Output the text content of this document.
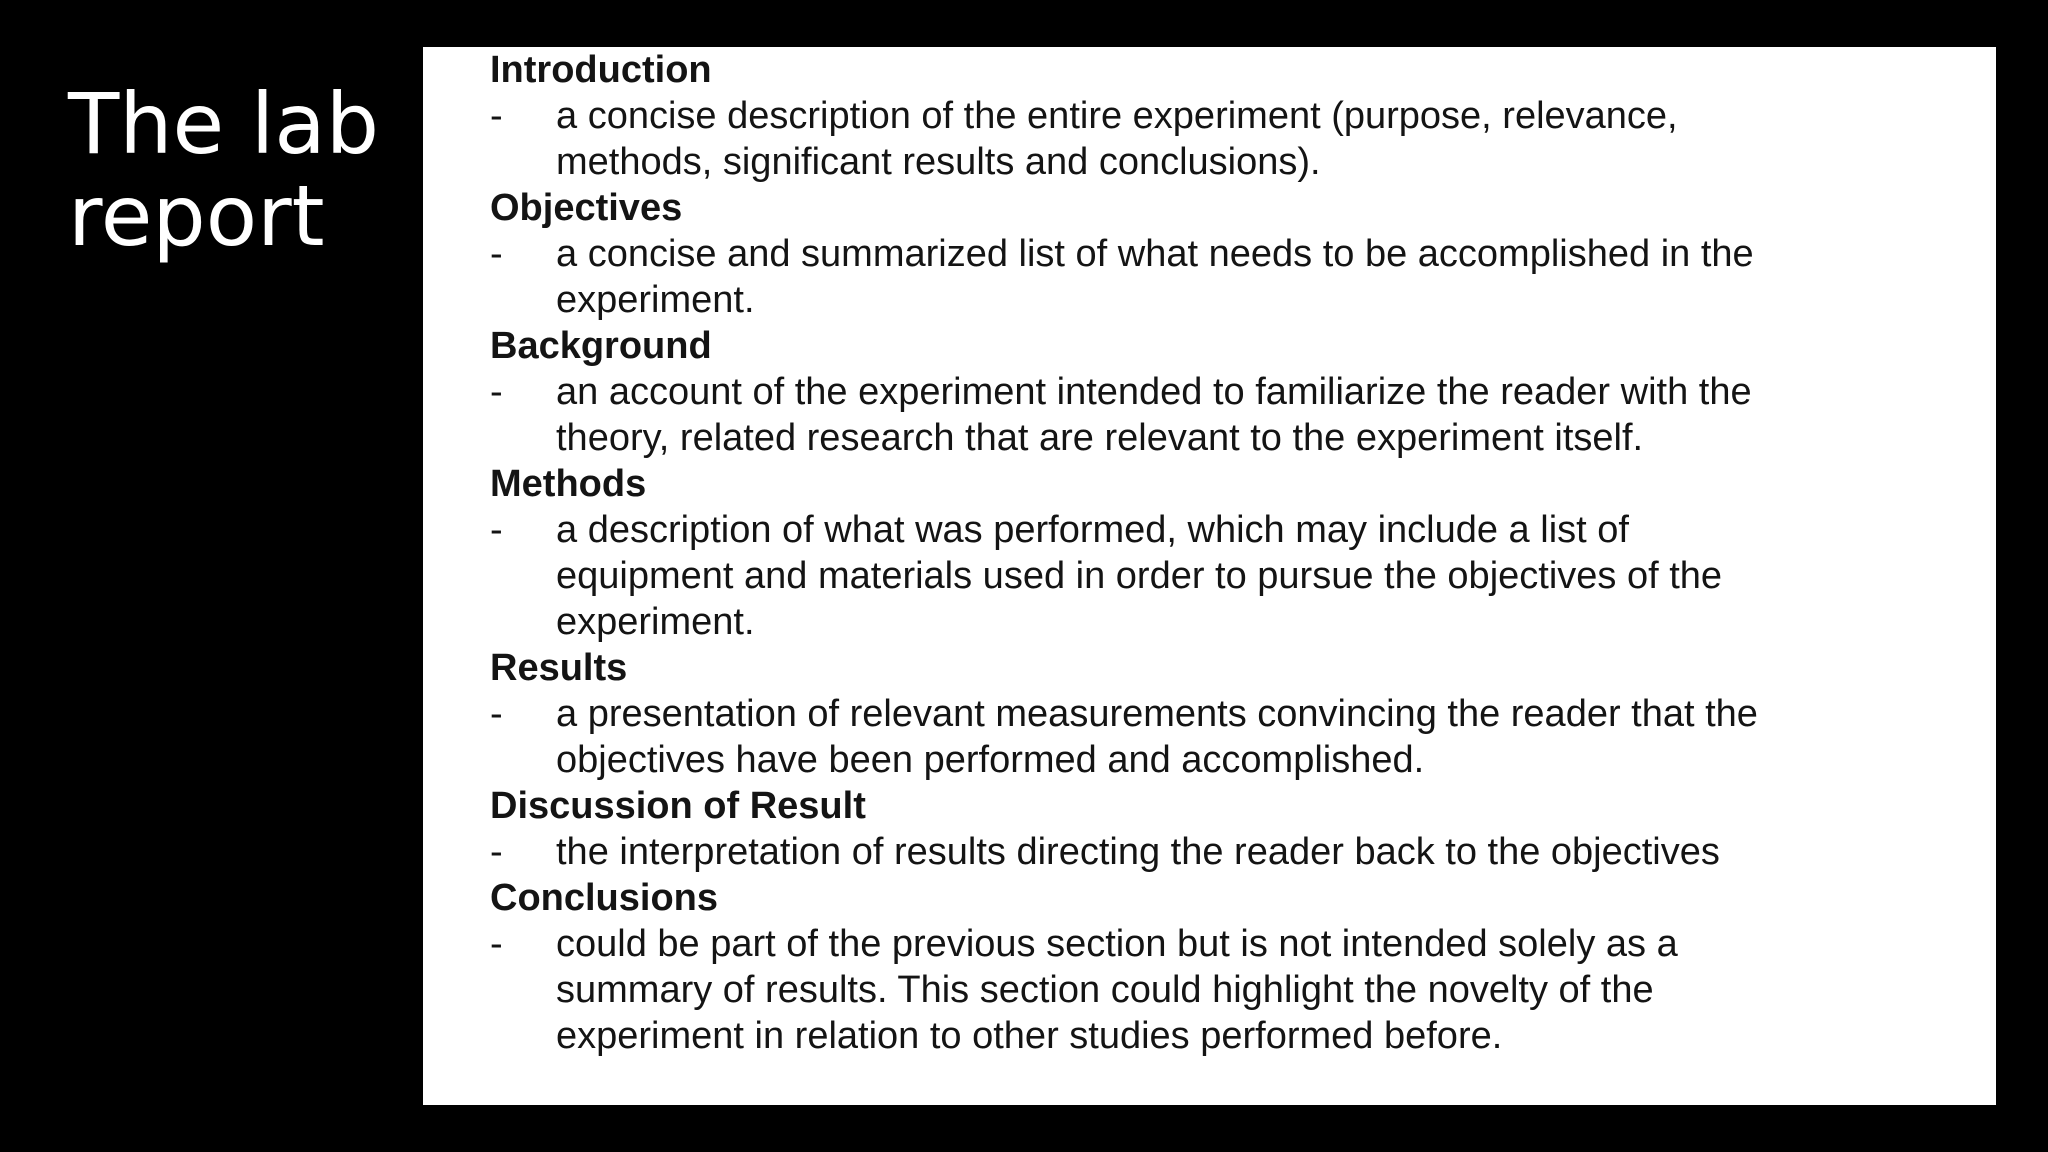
The lab
report
Introduction
-	a concise description of the entire experiment (purpose, relevance,
methods, significant results and conclusions).
Objectives
-	a concise and summarized list of what needs to be accomplished in the
experiment.
Background
-	an account of the experiment intended to familiarize the reader with the
theory, related research that are relevant to the experiment itself.
Methods
-	a description of what was performed, which may include a list of
equipment and materials used in order to pursue the objectives of the
experiment.
Results
-	a presentation of relevant measurements convincing the reader that the
objectives have been performed and accomplished.
Discussion of Result
-	the interpretation of results directing the reader back to the objectives
Conclusions
-	could be part of the previous section but is not intended solely as a
summary of results. This section could highlight the novelty of the
experiment in relation to other studies performed before.
